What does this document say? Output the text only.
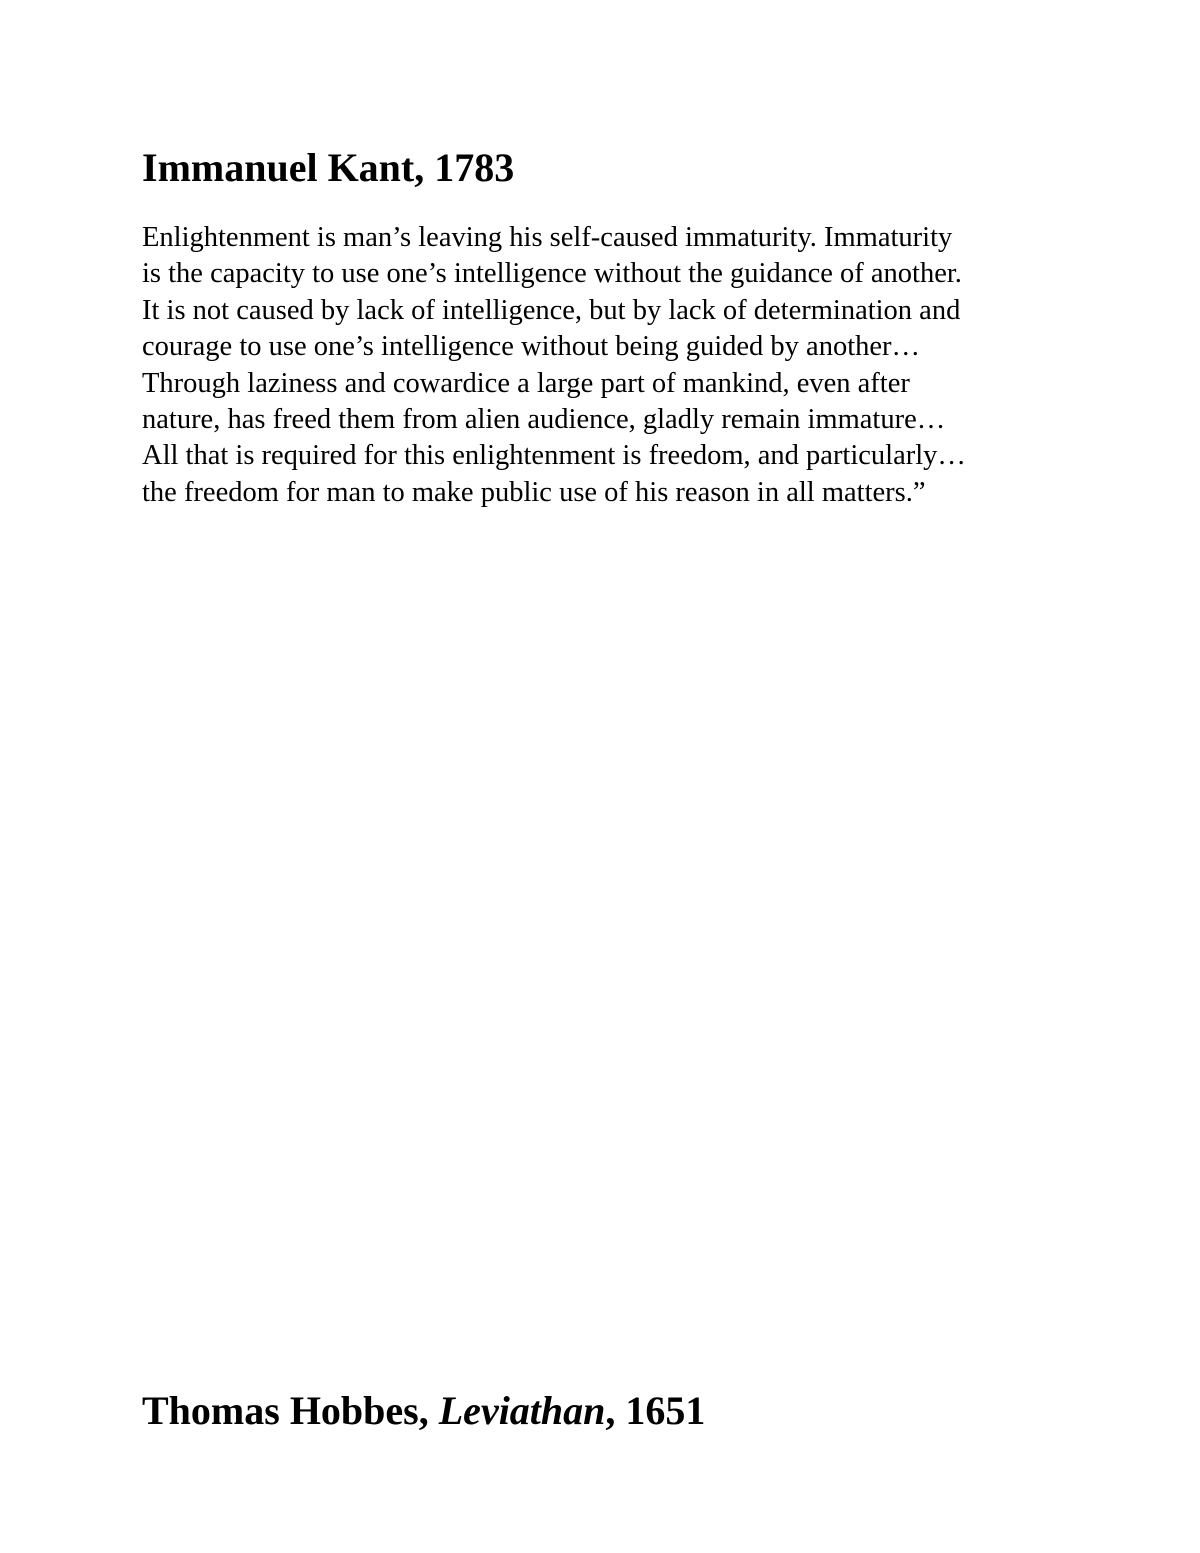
Immanuel Kant, 1783

Enlightenment is man’s leaving his self-caused immaturity. Immaturity
is the capacity to use one’s intelligence without the guidance of another.
It is not caused by lack of intelligence, but by lack of determination and
courage to use one’s intelligence without being guided by another…
Through laziness and cowardice a large part of mankind, even after
nature, has freed them from alien audience, gladly remain immature…
All that is required for this enlightenment is freedom, and particularly…
the freedom for man to make public use of his reason in all matters.”

Thomas Hobbes, Leviathan, 1651
